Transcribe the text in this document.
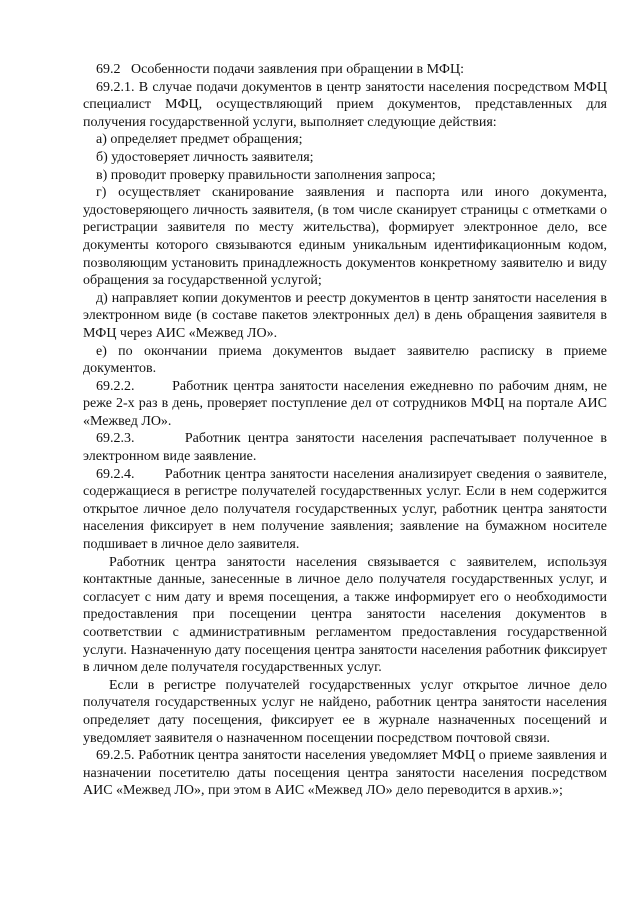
69.2   Особенности подачи заявления при обращении в МФЦ:

69.2.1. В случае подачи документов в центр занятости населения посредством МФЦ специалист МФЦ, осуществляющий прием документов, представленных для получения государственной услуги, выполняет следующие действия:

а) определяет предмет обращения;

б) удостоверяет личность заявителя;

в) проводит проверку правильности заполнения запроса;

г) осуществляет сканирование заявления и паспорта или иного документа, удостоверяющего личность заявителя, (в том числе сканирует страницы с отметками о регистрации заявителя по месту жительства), формирует электронное дело, все документы которого связываются единым уникальным идентификационным кодом, позволяющим установить принадлежность документов конкретному заявителю и виду обращения за государственной услугой;

д) направляет копии документов и реестр документов в центр занятости населения в электронном виде (в составе пакетов электронных дел) в день обращения заявителя в МФЦ через АИС «Межвед ЛО».

е) по окончании приема документов выдает заявителю расписку в приеме документов.

69.2.2.       Работник центра занятости населения ежедневно по рабочим дням, не реже 2-х раз в день, проверяет поступление дел от сотрудников МФЦ на портале АИС «Межвед ЛО».

69.2.3.       Работник центра занятости населения распечатывает полученное в электронном виде заявление.

69.2.4.       Работник центра занятости населения анализирует сведения о заявителе, содержащиеся в регистре получателей государственных услуг. Если в нем содержится открытое личное дело получателя государственных услуг, работник центра занятости населения фиксирует в нем получение заявления; заявление на бумажном носителе подшивает в личное дело заявителя.

Работник центра занятости населения связывается с заявителем, используя контактные данные, занесенные в личное дело получателя государственных услуг, и согласует с ним дату и время посещения, а также информирует его о необходимости предоставления при посещении центра занятости населения документов в соответствии с административным регламентом предоставления государственной услуги. Назначенную дату посещения центра занятости населения работник фиксирует в личном деле получателя государственных услуг.

Если в регистре получателей государственных услуг открытое личное дело получателя государственных услуг не найдено, работник центра занятости населения определяет дату посещения, фиксирует ее в журнале назначенных посещений и уведомляет заявителя о назначенном посещении посредством почтовой связи.

69.2.5. Работник центра занятости населения уведомляет МФЦ о приеме заявления и назначении посетителю даты посещения центра занятости населения посредством АИС «Межвед ЛО», при этом в АИС «Межвед ЛО» дело переводится в архив.»;
